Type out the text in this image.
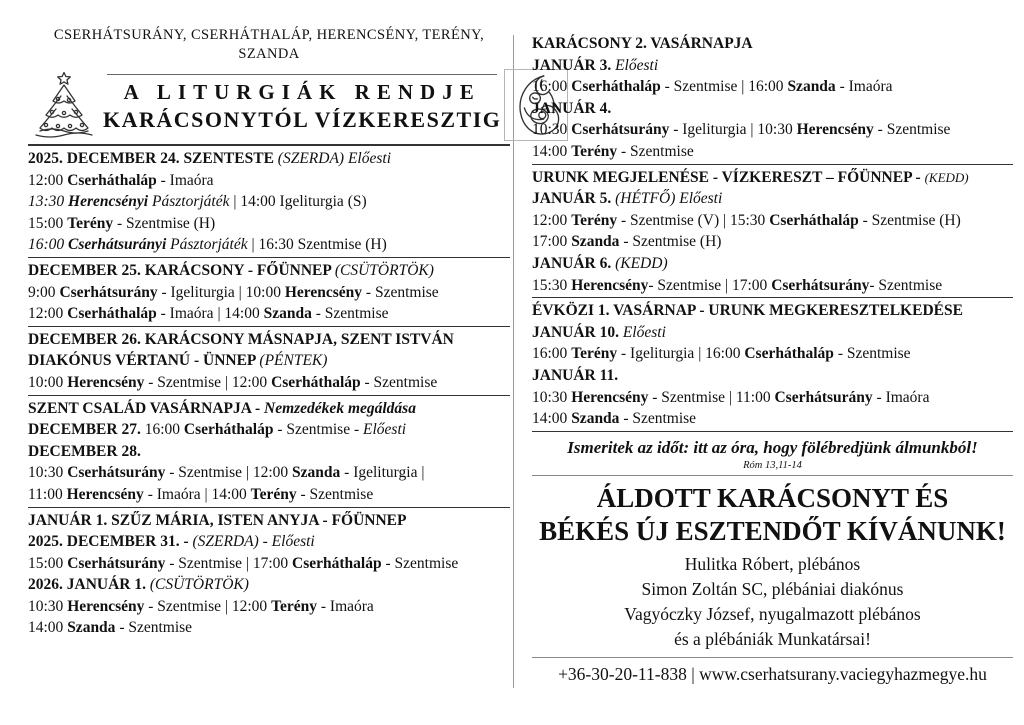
CSERHÁTSURÁNY, CSERHÁTHALÁP, HERENCSÉNY, TERÉNY, SZANDA

A LITURGIÁK RENDJE

KARÁCSONYTÓL VÍZKERESZTIG

2025. DECEMBER 24. SZENTESTE (SZERDA) Előesti

12:00 Cserháthaláp - Imaóra

13:30 Herencsényi Pásztorjáték | 14:00 Igeliturgia (S)

15:00 Terény - Szentmise (H)

16:00 Cserhátsurányi Pásztorjáték | 16:30 Szentmise (H)

DECEMBER 25. KARÁCSONY - FŐÜNNEP (CSÜTÖRTÖK)

9:00 Cserhátsurány - Igeliturgia | 10:00 Herencsény - Szentmise

12:00 Cserháthaláp - Imaóra | 14:00 Szanda - Szentmise

DECEMBER 26. KARÁCSONY MÁSNAPJA, SZENT ISTVÁN DIAKÓNUS VÉRTANÚ - ÜNNEP (PÉNTEK)

10:00 Herencsény - Szentmise | 12:00 Cserháthaláp - Szentmise

SZENT CSALÁD VASÁRNAPJA - Nemzedékek megáldása

DECEMBER 27. 16:00 Cserháthaláp - Szentmise - Előesti

DECEMBER 28.

10:30 Cserhátsurány - Szentmise | 12:00 Szanda - Igeliturgia |

11:00 Herencsény - Imaóra | 14:00 Terény - Szentmise

JANUÁR 1. SZŰZ MÁRIA, ISTEN ANYJA - FŐÜNNEP

2025. DECEMBER 31. - (SZERDA) - Előesti

15:00 Cserhátsurány - Szentmise | 17:00 Cserháthaláp - Szentmise

2026. JANUÁR 1. (CSÜTÖRTÖK)

10:30 Herencsény - Szentmise | 12:00 Terény - Imaóra

14:00 Szanda - Szentmise

KARÁCSONY 2. VASÁRNAPJA

JANUÁR 3. Előesti

16:00 Cserháthaláp - Szentmise | 16:00 Szanda - Imaóra

JANUÁR 4.

10:30 Cserhátsurány - Igeliturgia | 10:30 Herencsény - Szentmise

14:00 Terény - Szentmise

URUNK MEGJELENÉSE - VÍZKERESZT – FŐÜNNEP - (KEDD)

JANUÁR 5. (HÉTFŐ) Előesti

12:00 Terény - Szentmise (V) | 15:30 Cserháthaláp - Szentmise (H)

17:00 Szanda - Szentmise (H)

JANUÁR 6. (KEDD)

15:30 Herencsény- Szentmise | 17:00 Cserhátsurány- Szentmise

ÉVKÖZI 1. VASÁRNAP - URUNK MEGKERESZTELKEDÉSE

JANUÁR 10. Előesti

16:00 Terény - Igeliturgia | 16:00 Cserháthaláp - Szentmise

JANUÁR 11.

10:30 Herencsény - Szentmise | 11:00 Cserhátsurány - Imaóra

14:00 Szanda - Szentmise

Ismeritek az időt: itt az óra, hogy fölébredjünk álmunkból!

Róm 13,11-14

ÁLDOTT KARÁCSONYT ÉS

BÉKÉS ÚJ ESZTENDŐT KÍVÁNUNK!

Hulitka Róbert, plébános

Simon Zoltán SC, plébániai diakónus

Vagyóczky József, nyugalmazott plébános

és a plébániák Munkatársai!

+36-30-20-11-838 | www.cserhatsurany.vaciegyhazmegye.hu
